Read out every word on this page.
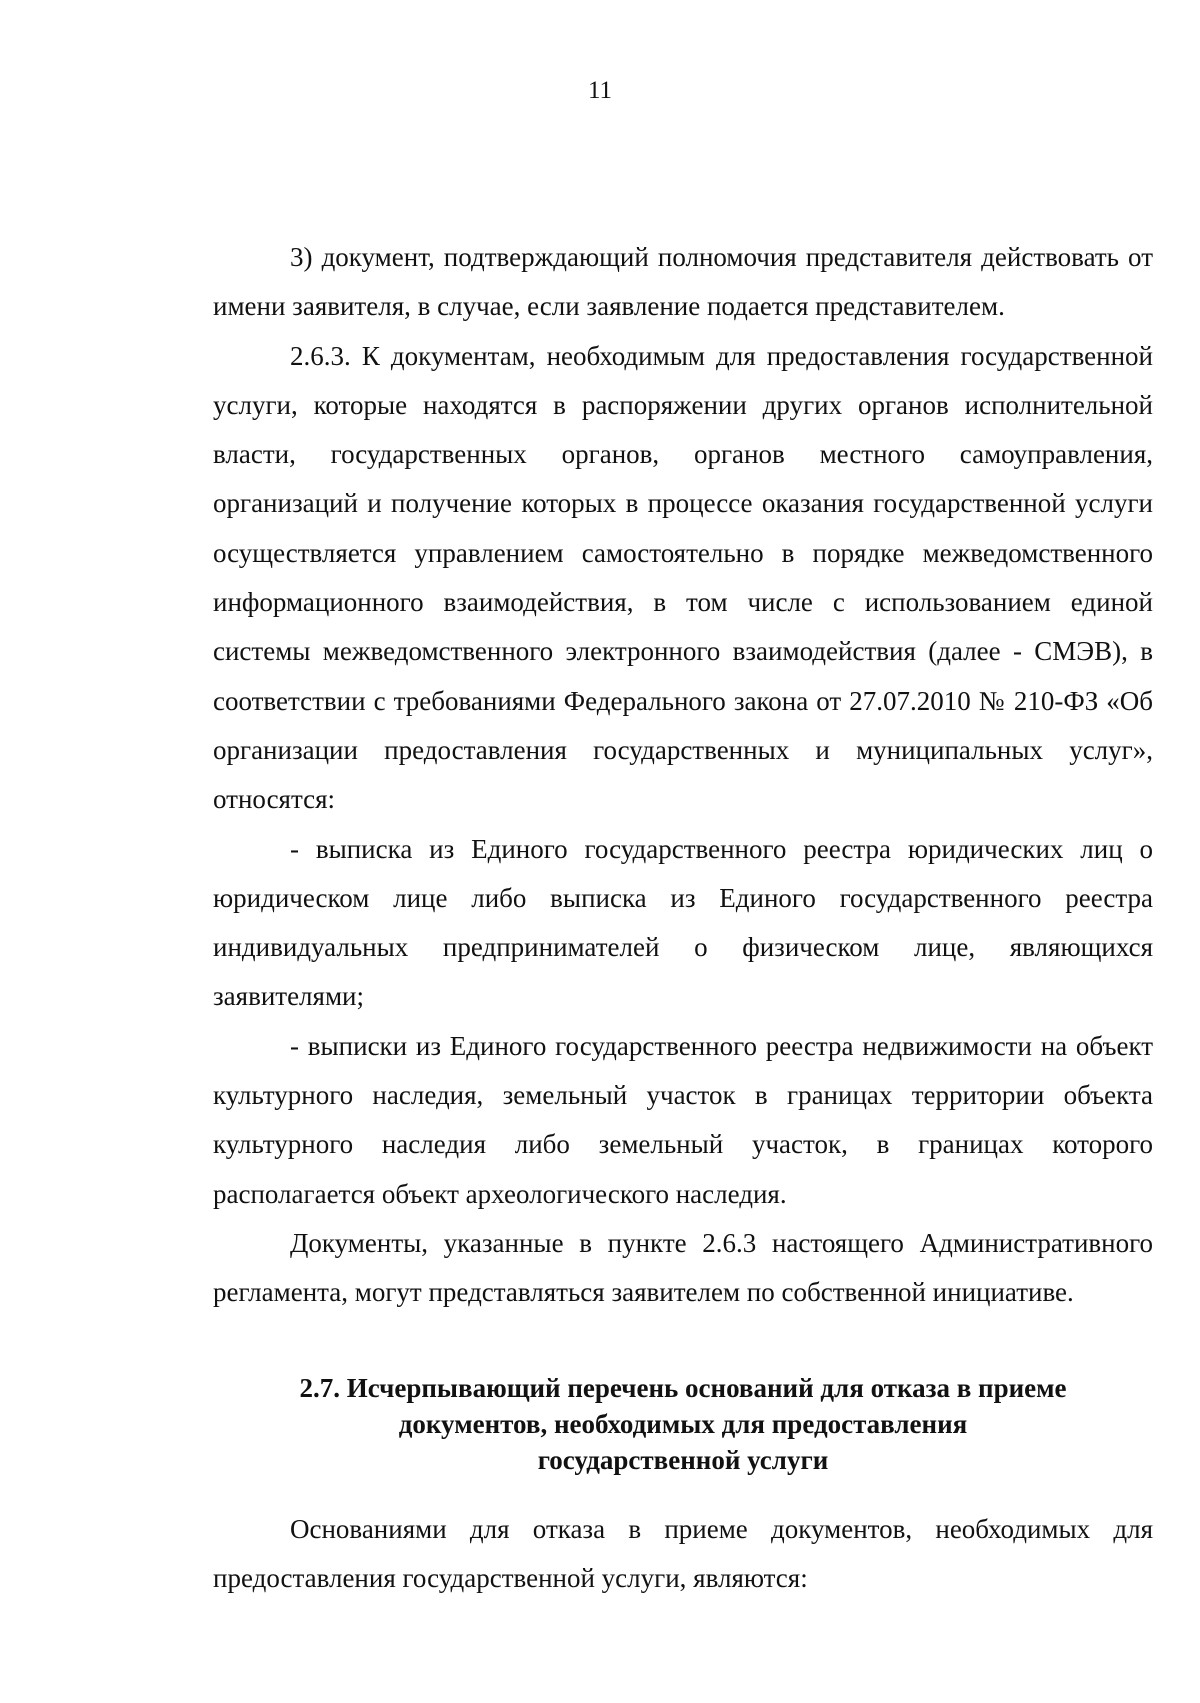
11

3) документ, подтверждающий полномочия представителя действовать от имени заявителя, в случае, если заявление подается представителем.

2.6.3. К документам, необходимым для предоставления государственной услуги, которые находятся в распоряжении других органов исполнительной власти, государственных органов, органов местного самоуправления, организаций и получение которых в процессе оказания государственной услуги осуществляется управлением самостоятельно в порядке межведомственного информационного взаимодействия, в том числе с использованием единой системы межведомственного электронного взаимодействия (далее - СМЭВ), в соответствии с требованиями Федерального закона от 27.07.2010 № 210-ФЗ «Об организации предоставления государственных и муниципальных услуг», относятся:

- выписка из Единого государственного реестра юридических лиц о юридическом лице либо выписка из Единого государственного реестра индивидуальных предпринимателей о физическом лице, являющихся заявителями;

- выписки из Единого государственного реестра недвижимости на объект культурного наследия, земельный участок в границах территории объекта культурного наследия либо земельный участок, в границах которого располагается объект археологического наследия.

Документы, указанные в пункте 2.6.3 настоящего Административного регламента, могут представляться заявителем по собственной инициативе.

2.7. Исчерпывающий перечень оснований для отказа в приеме
документов, необходимых для предоставления
государственной услуги

Основаниями для отказа в приеме документов, необходимых для предоставления государственной услуги, являются:
